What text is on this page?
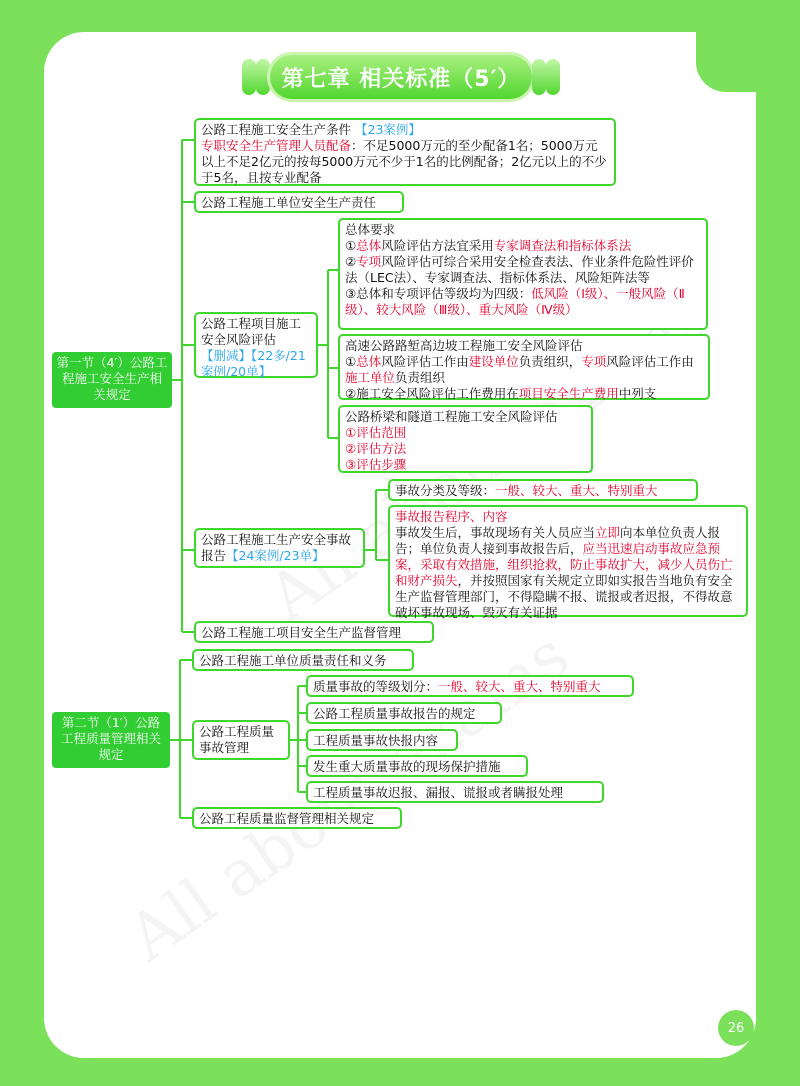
第七章 相关标准（5′）
第一节（4′）公路工程施工安全生产相关规定
公路工程施工安全生产条件 【23案例】
专职安全生产管理人员配备：不足5000万元的至少配备1名；5000万元以上不足2亿元的按每5000万元不少于1名的比例配备；2亿元以上的不少于5名，且按专业配备
公路工程施工单位安全生产责任
公路工程项目施工安全风险评估
【删减】【22多/21案例/20单】
总体要求
①总体风险评估方法宜采用专家调查法和指标体系法
②专项风险评估可综合采用安全检查表法、作业条件危险性评价法（LEC法）、专家调查法、指标体系法、风险矩阵法等
③总体和专项评估等级均为四级：低风险（Ⅰ级）、一般风险（Ⅱ级）、较大风险（Ⅲ级）、重大风险（Ⅳ级）
高速公路路堑高边坡工程施工安全风险评估
①总体风险评估工作由建设单位负责组织，专项风险评估工作由施工单位负责组织
②施工安全风险评估工作费用在项目安全生产费用中列支
公路桥梁和隧道工程施工安全风险评估
①评估范围
②评估方法
③评估步骤
公路工程施工生产安全事故报告【24案例/23单】
事故分类及等级：一般、较大、重大、特别重大
事故报告程序、内容
事故发生后，事故现场有关人员应当立即向本单位负责人报告；单位负责人接到事故报告后，应当迅速启动事故应急预案，采取有效措施，组织抢救，防止事故扩大，减少人员伤亡和财产损失，并按照国家有关规定立即如实报告当地负有安全生产监督管理部门，不得隐瞒不报、谎报或者迟报，不得故意破坏事故现场、毁灭有关证据
公路工程施工项目安全生产监督管理
第二节（1′）公路工程质量管理相关规定
公路工程施工单位质量责任和义务
公路工程质量事故管理
质量事故的等级划分：一般、较大、重大、特别重大
公路工程质量事故报告的规定
工程质量事故快报内容
发生重大质量事故的现场保护措施
工程质量事故迟报、漏报、谎报或者瞒报处理
公路工程质量监督管理相关规定
26
